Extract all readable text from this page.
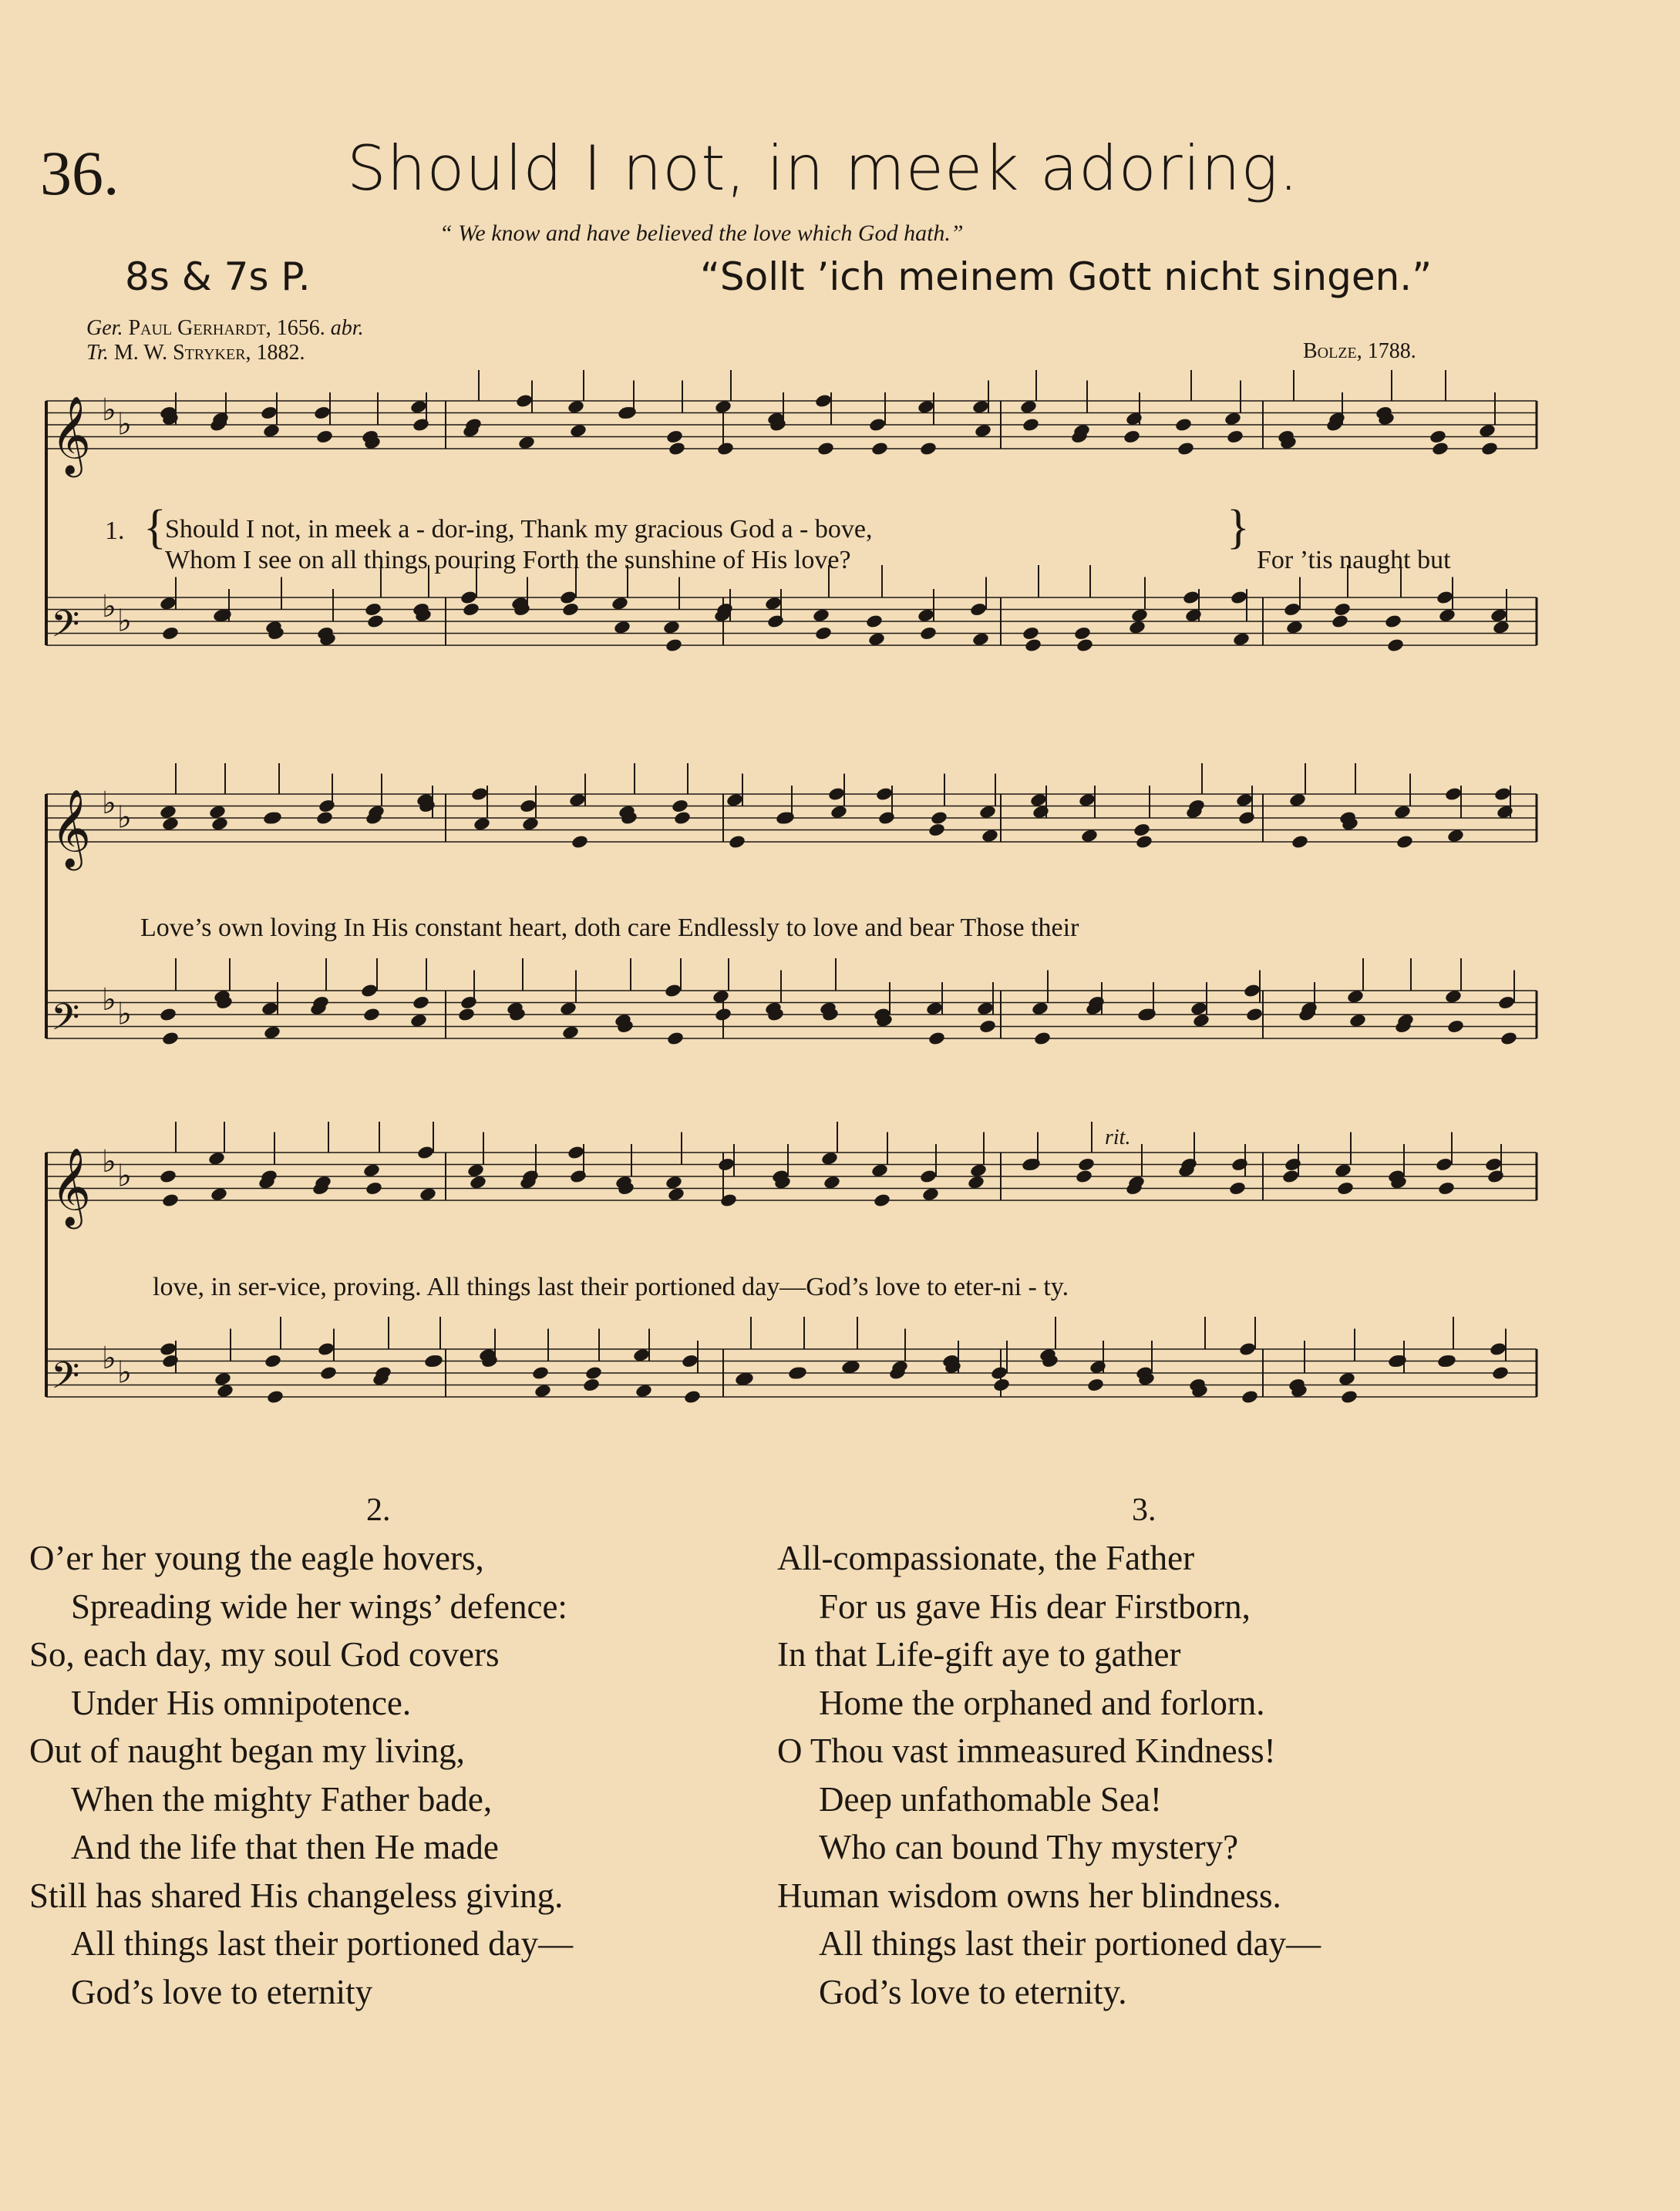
36.	Should I not, in meek adoring.
“ We know and have believed the love which God hath.”
8s & 7s P.	“Sollt ’ich meinem Gott nicht singen.”
Ger. Paul Gerhardt, 1656. abr.
Tr. M. W. Stryker, 1882.	Bolze, 1788.
𝄞 ♭ ♭
𝄢 ♭ ♭
1. {
Should I not, in meek a - dor-ing, Thank my gracious God a - bove,
Whom I see on all things pouring Forth the sunshine of His love?
}
For ’tis naught but
𝄞 ♭ ♭
𝄢 ♭ ♭
Love’s own loving In His constant heart, doth care Endlessly to love and bear Those their
𝄞 ♭ ♭
𝄢 ♭ ♭
rit.
love, in ser-vice, proving. All things last their portioned day—God’s love to eter-ni - ty.
2.	3.
O’er her young the eagle hovers,
Spreading wide her wings’ defence:
So, each day, my soul God covers
Under His omnipotence.
Out of naught began my living,
When the mighty Father bade,
And the life that then He made
Still has shared His changeless giving.
All things last their portioned day—
God’s love to eternity
All-compassionate, the Father
For us gave His dear Firstborn,
In that Life-gift aye to gather
Home the orphaned and forlorn.
O Thou vast immeasured Kindness!
Deep unfathomable Sea!
Who can bound Thy mystery?
Human wisdom owns her blindness.
All things last their portioned day—
God’s love to eternity.
